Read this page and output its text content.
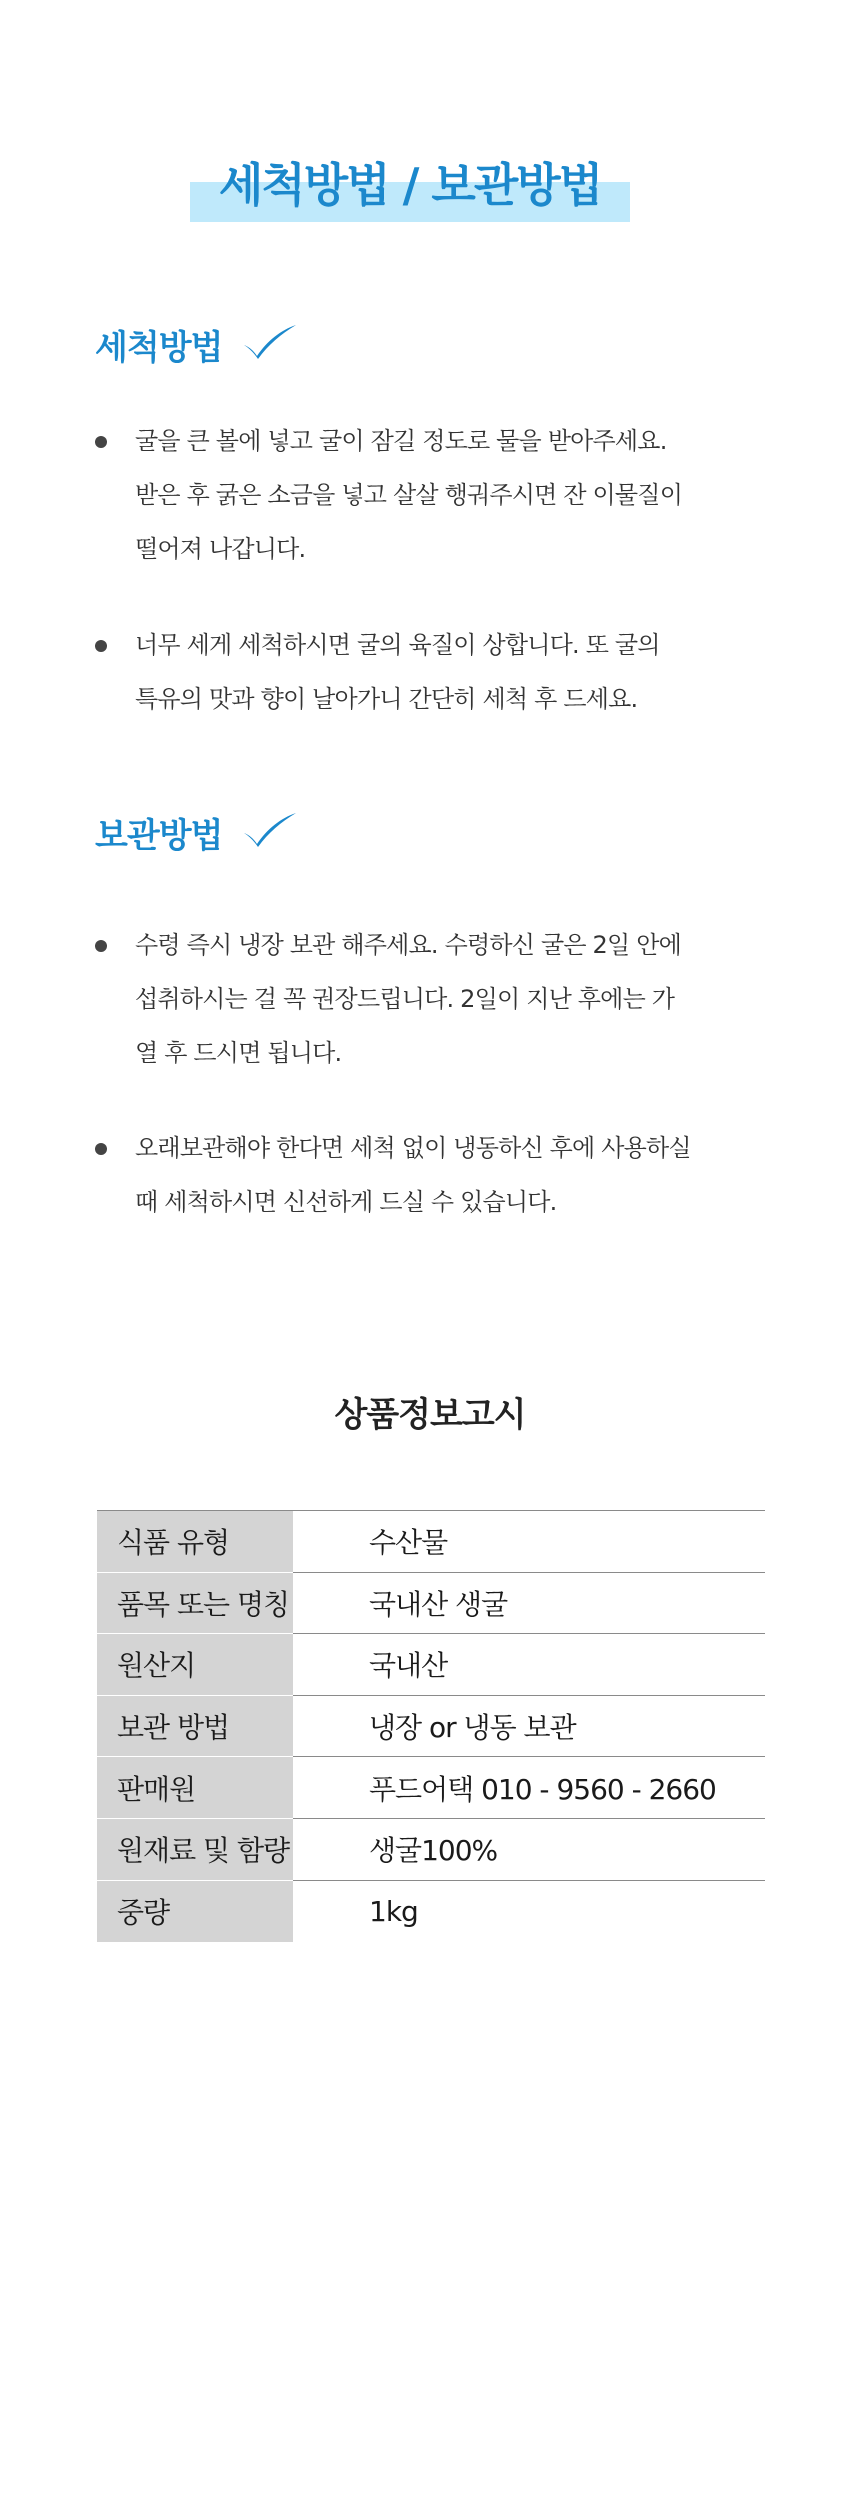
세척방법 / 보관방법
세척방법
굴을 큰 볼에 넣고 굴이 잠길 정도로 물을 받아주세요.
받은 후 굵은 소금을 넣고 살살 행궈주시면 잔 이물질이
떨어져 나갑니다.
너무 세게 세척하시면 굴의 육질이 상합니다. 또 굴의
특유의 맛과 향이 날아가니 간단히 세척 후 드세요.
보관방법
수령 즉시 냉장 보관 해주세요. 수령하신 굴은 2일 안에
섭취하시는 걸 꼭 권장드립니다. 2일이 지난 후에는 가
열 후 드시면 됩니다.
오래보관해야 한다면 세척 없이 냉동하신 후에 사용하실
때 세척하시면 신선하게 드실 수 있습니다.
상품정보고시
식품 유형	수산물
품목 또는 명칭	국내산 생굴
원산지	국내산
보관 방법	냉장 or 냉동 보관
판매원	푸드어택 010 - 9560 - 2660
원재료 및 함량	생굴100%
중량	1kg
